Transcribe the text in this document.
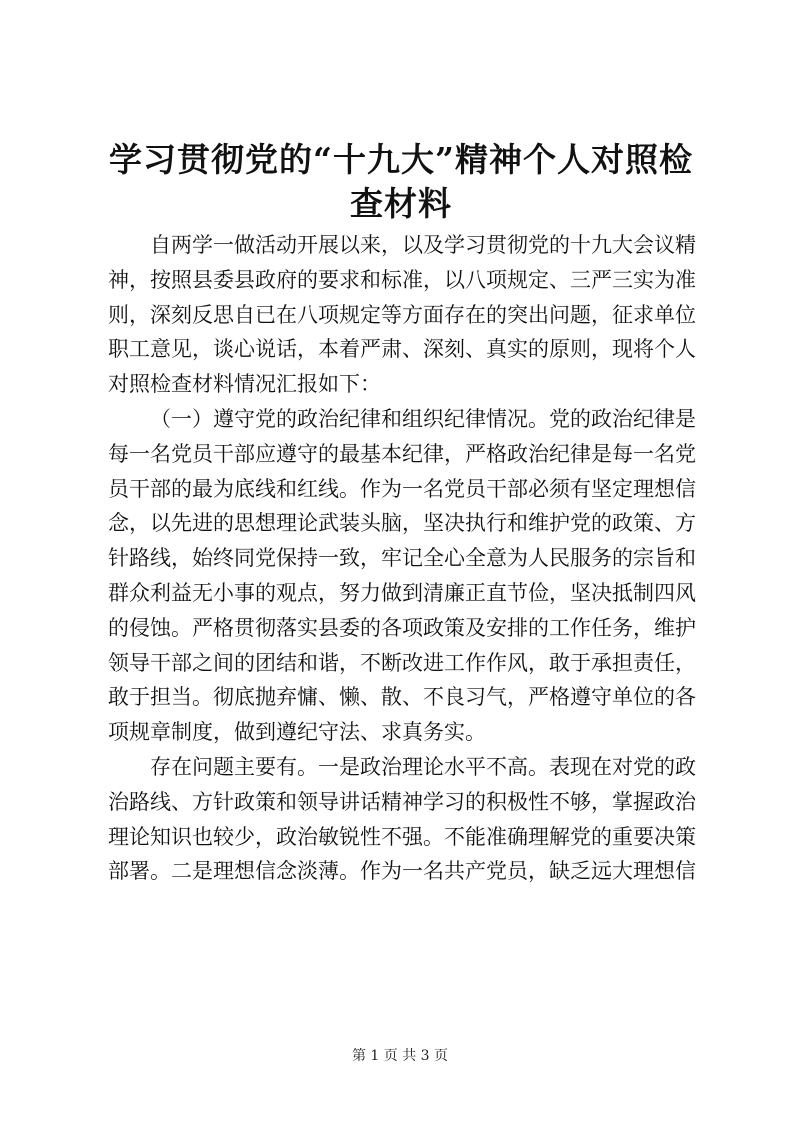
学习贯彻党的“十九大”精神个人对照检查材料

自两学一做活动开展以来，以及学习贯彻党的十九大会议精神，按照县委县政府的要求和标准，以八项规定、三严三实为准则，深刻反思自已在八项规定等方面存在的突出问题，征求单位职工意见，谈心说话，本着严肃、深刻、真实的原则，现将个人对照检查材料情况汇报如下：

（一）遵守党的政治纪律和组织纪律情况。党的政治纪律是每一名党员干部应遵守的最基本纪律，严格政治纪律是每一名党员干部的最为底线和红线。作为一名党员干部必须有坚定理想信念，以先进的思想理论武装头脑，坚决执行和维护党的政策、方针路线，始终同党保持一致，牢记全心全意为人民服务的宗旨和群众利益无小事的观点，努力做到清廉正直节俭，坚决抵制四风的侵蚀。严格贯彻落实县委的各项政策及安排的工作任务，维护领导干部之间的团结和谐，不断改进工作作风，敢于承担责任，敢于担当。彻底抛弃慵、懒、散、不良习气，严格遵守单位的各项规章制度，做到遵纪守法、求真务实。

存在问题主要有。一是政治理论水平不高。表现在对党的政治路线、方针政策和领导讲话精神学习的积极性不够，掌握政治理论知识也较少，政治敏锐性不强。不能准确理解党的重要决策部署。二是理想信念淡薄。作为一名共产党员，缺乏远大理想信

第 1 页 共 3 页
